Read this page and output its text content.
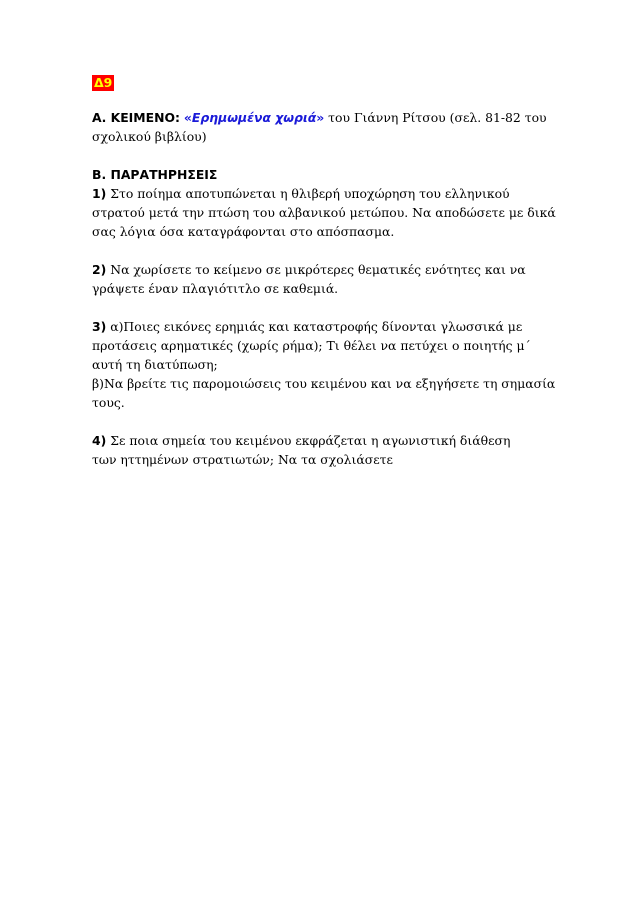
Δ9

Α. ΚΕΙΜΕΝΟ: «Ερημωμένα χωριά» του Γιάννη Ρίτσου (σελ. 81-82 του

σχολικού βιβλίου)

Β. ΠΑΡΑΤΗΡΗΣΕΙΣ

1) Στο ποίημα αποτυπώνεται η θλιβερή υποχώρηση του ελληνικού

στρατού μετά την πτώση του αλβανικού μετώπου. Να αποδώσετε με δικά

σας λόγια όσα καταγράφονται στο απόσπασμα.

2) Να χωρίσετε το κείμενο σε μικρότερες θεματικές ενότητες και να

γράψετε έναν πλαγιότιτλο σε καθεμιά.

3) α)Ποιες εικόνες ερημιάς και καταστροφής δίνονται γλωσσικά με

προτάσεις αρηματικές (χωρίς ρήμα); Τι θέλει να πετύχει ο ποιητής μ΄

αυτή τη διατύπωση;

β)Να βρείτε τις παρομοιώσεις του κειμένου και να εξηγήσετε τη σημασία

τους.

4) Σε ποια σημεία του κειμένου εκφράζεται η αγωνιστική διάθεση

των ηττημένων στρατιωτών; Να τα σχολιάσετε
